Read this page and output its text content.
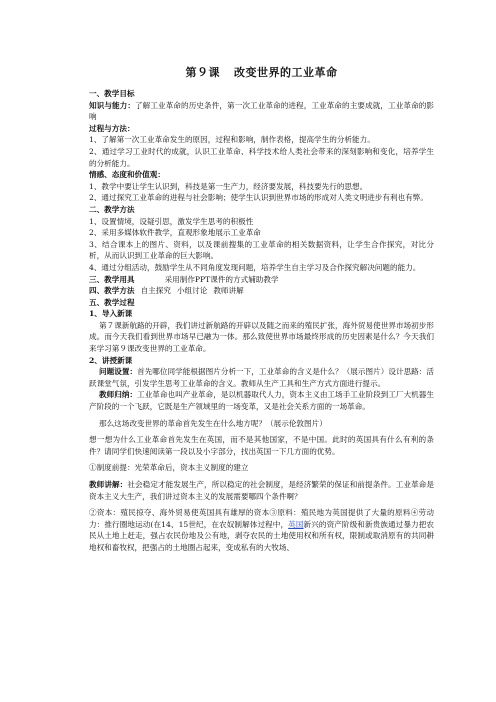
第９课 改变世界的工业革命

一、教学目标

知识与能力：了解工业革命的历史条件，第一次工业革命的进程，工业革命的主要成就，工业革命的影响

过程与方法：

1、了解第一次工业革命发生的原因，过程和影响，制作表格，提高学生的分析能力。

2、通过学习工业时代的成就，认识工业革命、科学技术给人类社会带来的深刻影响和变化，培养学生的分析能力。

情感、态度和价值观：

1、教学中要让学生认识到，科技是第一生产力，经济要发展，科技要先行的思想。

2、通过探究工业革命的进程与社会影响；使学生认识到世界市场的形成对人类文明进步有利也有弊。

二、教学方法

1、设置情境，设疑引思，激发学生思考的积极性

2、采用多媒体软件教学，直观形象地展示工业革命

3、结合课本上的图片、资料，以及课前搜集的工业革命的相关数据资料，让学生合作探究，对比分析，从而认识到工业革命的巨大影响。

4、通过分组活动，鼓励学生从不同角度发现问题，培养学生自主学习及合作探究解决问题的能力。

三、教学用具	采用制作PPT课件的方式辅助教学

四、教学方法 自主探究 小组讨论 教师讲解

五、教学过程

1、导入新课

第７课新航路的开辟，我们讲过新航路的开辟以及随之而来的殖民扩张，海外贸易使世界市场初步形成。而今天我们看到世界市场早已融为一体。那么致使世界市场最终形成的历史因素是什么？今天我们来学习第９课改变世界的工业革命。

2、讲授新课

问题设置：首先哪位同学能根据图片分析一下，工业革命的含义是什么？（展示图片）设计思路：活跃课堂气氛，引发学生思考工业革命的含义。教师从生产工具和生产方式方面进行提示。

教师归纳：工业革命也叫产业革命，是以机器取代人力，资本主义由工场手工业阶段到工厂大机器生产阶段的一个飞跃，它既是生产领域里的一场变革，又是社会关系方面的一场革命。

那么这场改变世界的革命首先发生在什么地方呢？（展示伦敦图片）

想一想为什么工业革命首先发生在英国，而不是其他国家，不是中国。此时的英国具有什么有利的条件？请同学们快速阅读第一段以及小字部分，找出英国一下几方面的优势。

①制度前提：光荣革命后，资本主义制度的建立

教师讲解：社会稳定才能发展生产，所以稳定的社会制度，是经济繁荣的保证和前提条件。工业革命是资本主义大生产，我们讲过资本主义的发展需要哪四个条件啊？

②资本：殖民掠夺、海外贸易使英国具有雄厚的资本③原料：殖民地为英国提供了大量的原料④劳动力：推行圈地运动(在14、15世纪，在农奴制解体过程中，英国新兴的资产阶级和新贵族通过暴力把农民从土地上赶走，强占农民份地及公有地，剥夺农民的土地使用权和所有权，限制或取消原有的共同耕地权和畜牧权，把强占的土地圈占起来，变成私有的大牧场、
